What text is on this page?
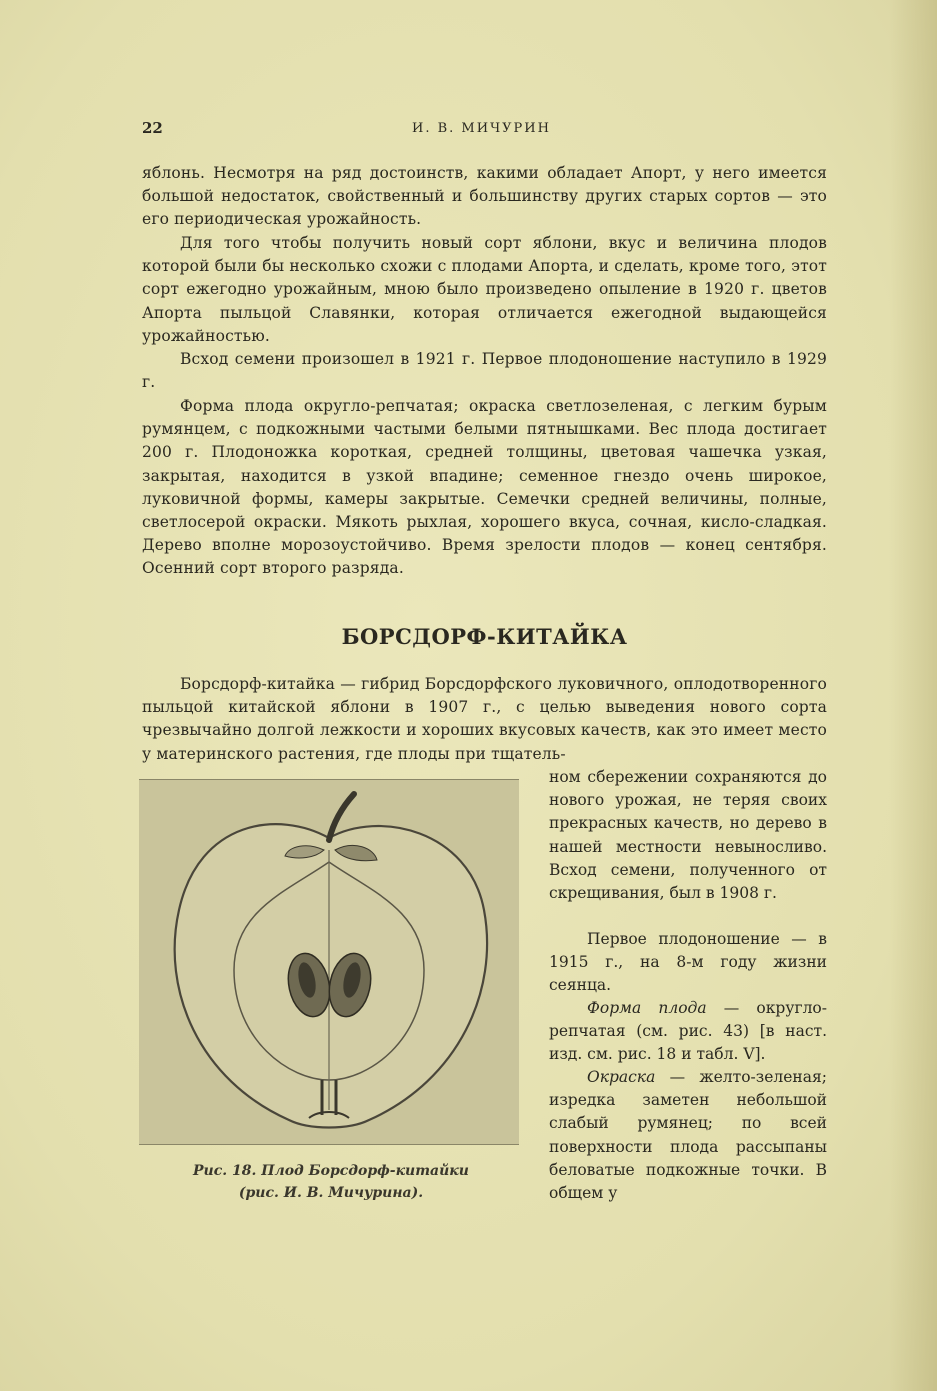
22	И. В. МИЧУРИН

яблонь. Несмотря на ряд достоинств, какими обладает Апорт, у него имеется большой недостаток, свойственный и большинству других старых сортов — это его периодическая урожайность.

Для того чтобы получить новый сорт яблони, вкус и величина плодов которой были бы несколько схожи с плодами Апорта, и сделать, кроме того, этот сорт ежегодно урожайным, мною было произведено опыление в 1920 г. цветов Апорта пыльцой Славянки, которая отличается ежегодной выдающейся урожайностью.

Всход семени произошел в 1921 г. Первое плодоношение наступило в 1929 г.

Форма плода округло-репчатая; окраска светлозеленая, с легким бурым румянцем, с подкожными частыми белыми пятнышками. Вес плода достигает 200 г. Плодоножка короткая, средней толщины, цветовая чашечка узкая, закрытая, находится в узкой впадине; семенное гнездо очень широкое, луковичной формы, камеры закрытые. Семечки средней величины, полные, светлосерой окраски. Мякоть рыхлая, хорошего вкуса, сочная, кисло-сладкая. Дерево вполне морозоустойчиво. Время зрелости плодов — конец сентября. Осенний сорт второго разряда.

БОРСДОРФ-КИТАЙКА

Борсдорф-китайка — гибрид Борсдорфского луковичного, оплодотворенного пыльцой китайской яблони в 1907 г., с целью выведения нового сорта чрезвычайно долгой лежкости и хороших вкусовых качеств, как это имеет место у материнского растения, где плоды при тщатель-

Рис. 18. Плод Борсдорф-китайки
(рис. И. В. Мичурина).

ном сбережении сохраняются до нового урожая, не теряя своих прекрасных качеств, но дерево в нашей местности невыносливо. Всход семени, полученного от скрещивания, был в 1908 г.

Первое плодоношение — в 1915 г., на 8-м году жизни сеянца.

Форма плода — округло-репчатая (см. рис. 43) [в наст. изд. см. рис. 18 и табл. V].

Окраска — желто-зеленая; изредка заметен небольшой слабый румянец; по всей поверхности плода рассыпаны беловатые подкожные точки. В общем у
